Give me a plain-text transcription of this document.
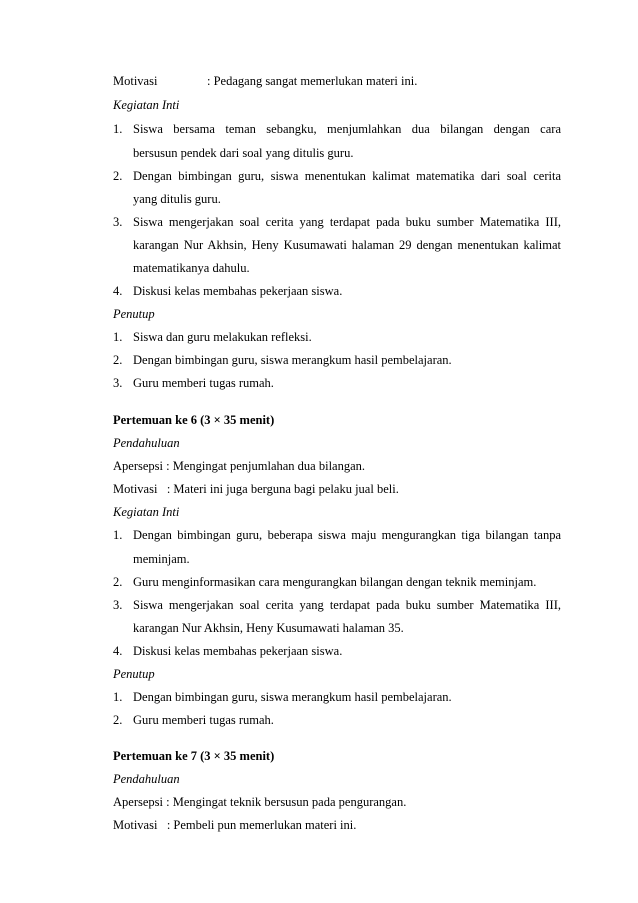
Motivasi	: Pedagang sangat memerlukan materi ini.
Kegiatan Inti
1. Siswa bersama teman sebangku, menjumlahkan dua bilangan dengan cara
bersusun pendek dari soal yang ditulis guru.
2. Dengan bimbingan guru, siswa menentukan kalimat matematika dari soal cerita
yang ditulis guru.
3. Siswa mengerjakan soal cerita yang terdapat pada buku sumber Matematika III,
karangan Nur Akhsin, Heny Kusumawati halaman 29 dengan menentukan kalimat
matematikanya dahulu.
4. Diskusi kelas membahas pekerjaan siswa.
Penutup
1. Siswa dan guru melakukan refleksi.
2. Dengan bimbingan guru, siswa merangkum hasil pembelajaran.
3. Guru memberi tugas rumah.
Pertemuan ke 6 (3 × 35 menit)
Pendahuluan
Apersepsi : Mengingat penjumlahan dua bilangan.
Motivasi   : Materi ini juga berguna bagi pelaku jual beli.
Kegiatan Inti
1. Dengan bimbingan guru, beberapa siswa maju mengurangkan tiga bilangan tanpa
meminjam.
2. Guru menginformasikan cara mengurangkan bilangan dengan teknik meminjam.
3. Siswa mengerjakan soal cerita yang terdapat pada buku sumber Matematika III,
karangan Nur Akhsin, Heny Kusumawati halaman 35.
4. Diskusi kelas membahas pekerjaan siswa.
Penutup
1. Dengan bimbingan guru, siswa merangkum hasil pembelajaran.
2. Guru memberi tugas rumah.
Pertemuan ke 7 (3 × 35 menit)
Pendahuluan
Apersepsi : Mengingat teknik bersusun pada pengurangan.
Motivasi   : Pembeli pun memerlukan materi ini.
